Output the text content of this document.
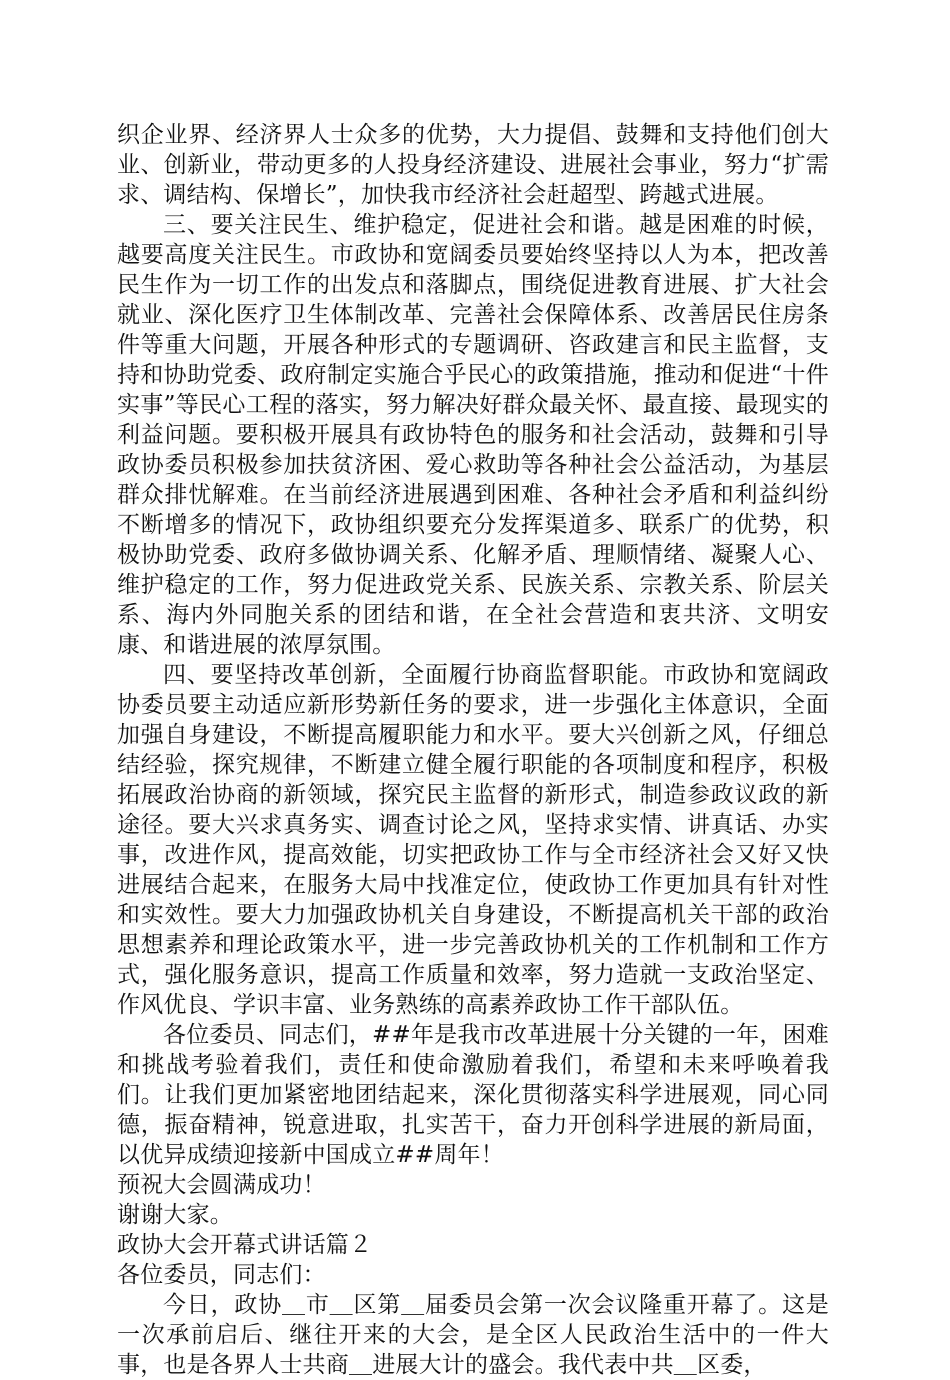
织企业界、经济界人士众多的优势，大力提倡、鼓舞和支持他们创大业、创新业，带动更多的人投身经济建设、进展社会事业，努力“扩需求、调结构、保增长”，加快我市经济社会赶超型、跨越式进展。

三、要关注民生、维护稳定，促进社会和谐。越是困难的时候，越要高度关注民生。市政协和宽阔委员要始终坚持以人为本，把改善民生作为一切工作的出发点和落脚点，围绕促进教育进展、扩大社会就业、深化医疗卫生体制改革、完善社会保障体系、改善居民住房条件等重大问题，开展各种形式的专题调研、咨政建言和民主监督，支持和协助党委、政府制定实施合乎民心的政策措施，推动和促进“十件实事”等民心工程的落实，努力解决好群众最关怀、最直接、最现实的利益问题。要积极开展具有政协特色的服务和社会活动，鼓舞和引导政协委员积极参加扶贫济困、爱心救助等各种社会公益活动，为基层群众排忧解难。在当前经济进展遇到困难、各种社会矛盾和利益纠纷不断增多的情况下，政协组织要充分发挥渠道多、联系广的优势，积极协助党委、政府多做协调关系、化解矛盾、理顺情绪、凝聚人心、维护稳定的工作，努力促进政党关系、民族关系、宗教关系、阶层关系、海内外同胞关系的团结和谐，在全社会营造和衷共济、文明安康、和谐进展的浓厚氛围。

四、要坚持改革创新，全面履行协商监督职能。市政协和宽阔政协委员要主动适应新形势新任务的要求，进一步强化主体意识，全面加强自身建设，不断提高履职能力和水平。要大兴创新之风，仔细总结经验，探究规律，不断建立健全履行职能的各项制度和程序，积极拓展政治协商的新领域，探究民主监督的新形式，制造参政议政的新途径。要大兴求真务实、调查讨论之风，坚持求实情、讲真话、办实事，改进作风，提高效能，切实把政协工作与全市经济社会又好又快进展结合起来，在服务大局中找准定位，使政协工作更加具有针对性和实效性。要大力加强政协机关自身建设，不断提高机关干部的政治思想素养和理论政策水平，进一步完善政协机关的工作机制和工作方式，强化服务意识，提高工作质量和效率，努力造就一支政治坚定、作风优良、学识丰富、业务熟练的高素养政协工作干部队伍。

各位委员、同志们，##年是我市改革进展十分关键的一年，困难和挑战考验着我们，责任和使命激励着我们，希望和未来呼唤着我们。让我们更加紧密地团结起来，深化贯彻落实科学进展观，同心同德，振奋精神，锐意进取，扎实苦干，奋力开创科学进展的新局面，以优异成绩迎接新中国成立##周年！

预祝大会圆满成功！

谢谢大家。

政协大会开幕式讲话篇２

各位委员，同志们：

今日，政协＿市＿区第＿届委员会第一次会议隆重开幕了。这是一次承前启后、继往开来的大会，是全区人民政治生活中的一件大事，也是各界人士共商＿进展大计的盛会。我代表中共＿区委，
